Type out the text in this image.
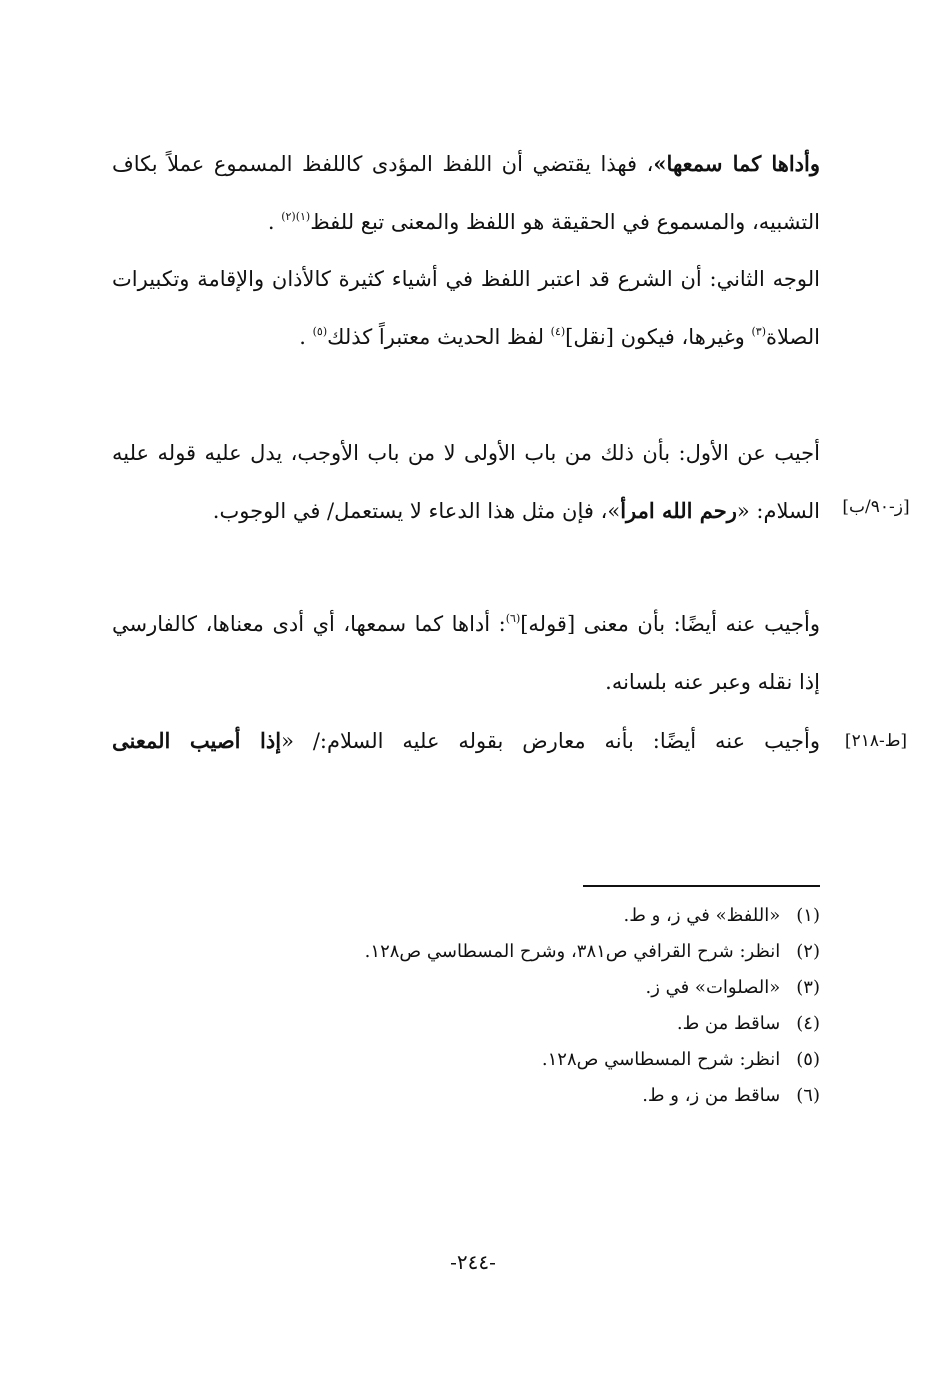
وأداها كما سمعها»، فهذا يقتضي أن اللفظ المؤدى كاللفظ المسموع عملاً بكاف التشبيه، والمسموع في الحقيقة هو اللفظ والمعنى تبع للفظ$^{(١)(٢)}$ .

الوجه الثاني: أن الشرع قد اعتبر اللفظ في أشياء كثيرة كالأذان والإقامة وتكبيرات الصلاة$^{(٣)}$ وغيرها، فيكون [نقل]$^{(٤)}$ لفظ الحديث معتبراً كذلك$^{(٥)}$ .

أجيب عن الأول: بأن ذلك من باب الأولى لا من باب الأوجب، يدل عليه قوله عليه السلام: «رحم الله امرأ»، فإن مثل هذا الدعاء لا يستعمل/ في الوجوب.	[ز-٩٠/ب]

وأجيب عنه أيضًا: بأن معنى [قوله]$^{(٦)}$: أداها كما سمعها، أي أدى معناها، كالفارسي إذا نقله وعبر عنه بلسانه.

وأجيب عنه أيضًا: بأنه معارض بقوله عليه السلام:/ «إذا أصيب المعنى	[ط-٢١٨]

(١) «اللفظ» في ز، و ط.

(٢) انظر: شرح القرافي ص٣٨١، وشرح المسطاسي ص١٢٨.

(٣) «الصلوات» في ز.

(٤) ساقط من ط.

(٥) انظر: شرح المسطاسي ص١٢٨.

(٦) ساقط من ز، و ط.

-٢٤٤-
